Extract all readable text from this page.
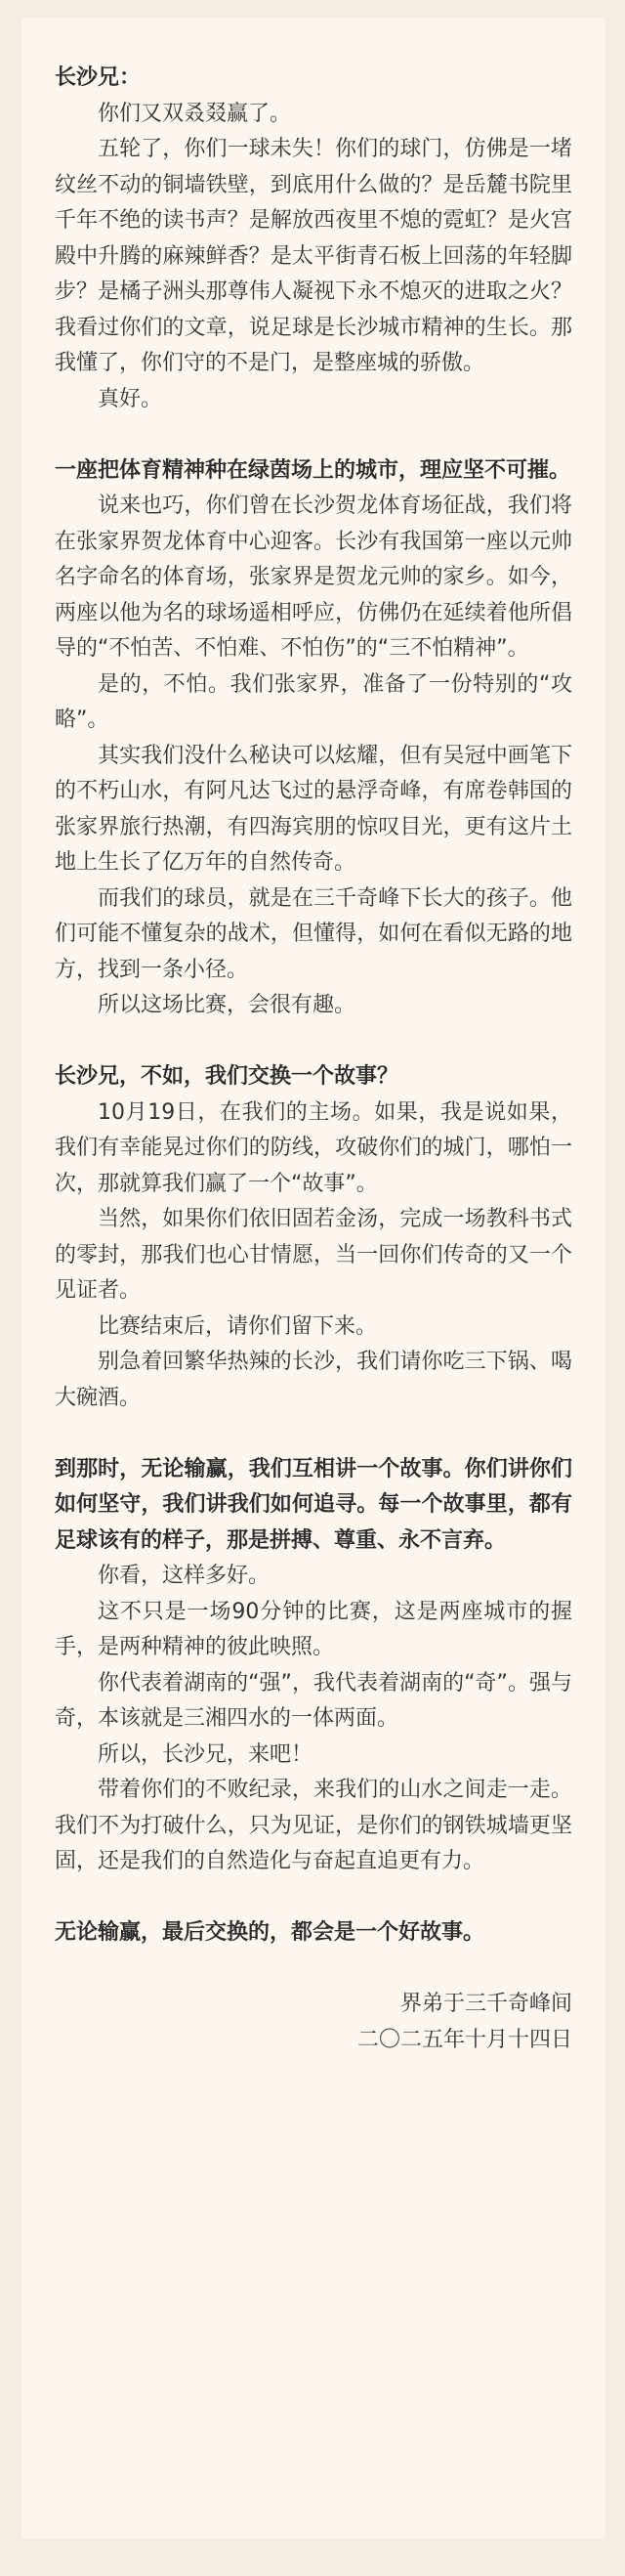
长沙兄：

你们又双叒叕赢了。

五轮了，你们一球未失！你们的球门，仿佛是一堵纹丝不动的铜墙铁壁，到底用什么做的？是岳麓书院里千年不绝的读书声？是解放西夜里不熄的霓虹？是火宫殿中升腾的麻辣鲜香？是太平街青石板上回荡的年轻脚步？是橘子洲头那尊伟人凝视下永不熄灭的进取之火？我看过你们的文章，说足球是长沙城市精神的生长。那我懂了，你们守的不是门，是整座城的骄傲。

真好。

一座把体育精神种在绿茵场上的城市，理应坚不可摧。

说来也巧，你们曾在长沙贺龙体育场征战，我们将在张家界贺龙体育中心迎客。长沙有我国第一座以元帅名字命名的体育场，张家界是贺龙元帅的家乡。如今，两座以他为名的球场遥相呼应，仿佛仍在延续着他所倡导的“不怕苦、不怕难、不怕伤”的“三不怕精神”。

是的，不怕。我们张家界，准备了一份特别的“攻略”。

其实我们没什么秘诀可以炫耀，但有吴冠中画笔下的不朽山水，有阿凡达飞过的悬浮奇峰，有席卷韩国的张家界旅行热潮，有四海宾朋的惊叹目光，更有这片土地上生长了亿万年的自然传奇。

而我们的球员，就是在三千奇峰下长大的孩子。他们可能不懂复杂的战术，但懂得，如何在看似无路的地方，找到一条小径。

所以这场比赛，会很有趣。

长沙兄，不如，我们交换一个故事？

10月19日，在我们的主场。如果，我是说如果，我们有幸能晃过你们的防线，攻破你们的城门，哪怕一次，那就算我们赢了一个“故事”。

当然，如果你们依旧固若金汤，完成一场教科书式的零封，那我们也心甘情愿，当一回你们传奇的又一个见证者。

比赛结束后，请你们留下来。

别急着回繁华热辣的长沙，我们请你吃三下锅、喝大碗酒。

到那时，无论输赢，我们互相讲一个故事。你们讲你们如何坚守，我们讲我们如何追寻。每一个故事里，都有足球该有的样子，那是拼搏、尊重、永不言弃。

你看，这样多好。

这不只是一场90分钟的比赛，这是两座城市的握手，是两种精神的彼此映照。

你代表着湖南的“强”，我代表着湖南的“奇”。强与奇，本该就是三湘四水的一体两面。

所以，长沙兄，来吧！

带着你们的不败纪录，来我们的山水之间走一走。我们不为打破什么，只为见证，是你们的钢铁城墙更坚固，还是我们的自然造化与奋起直追更有力。

无论输赢，最后交换的，都会是一个好故事。

界弟于三千奇峰间

二〇二五年十月十四日
